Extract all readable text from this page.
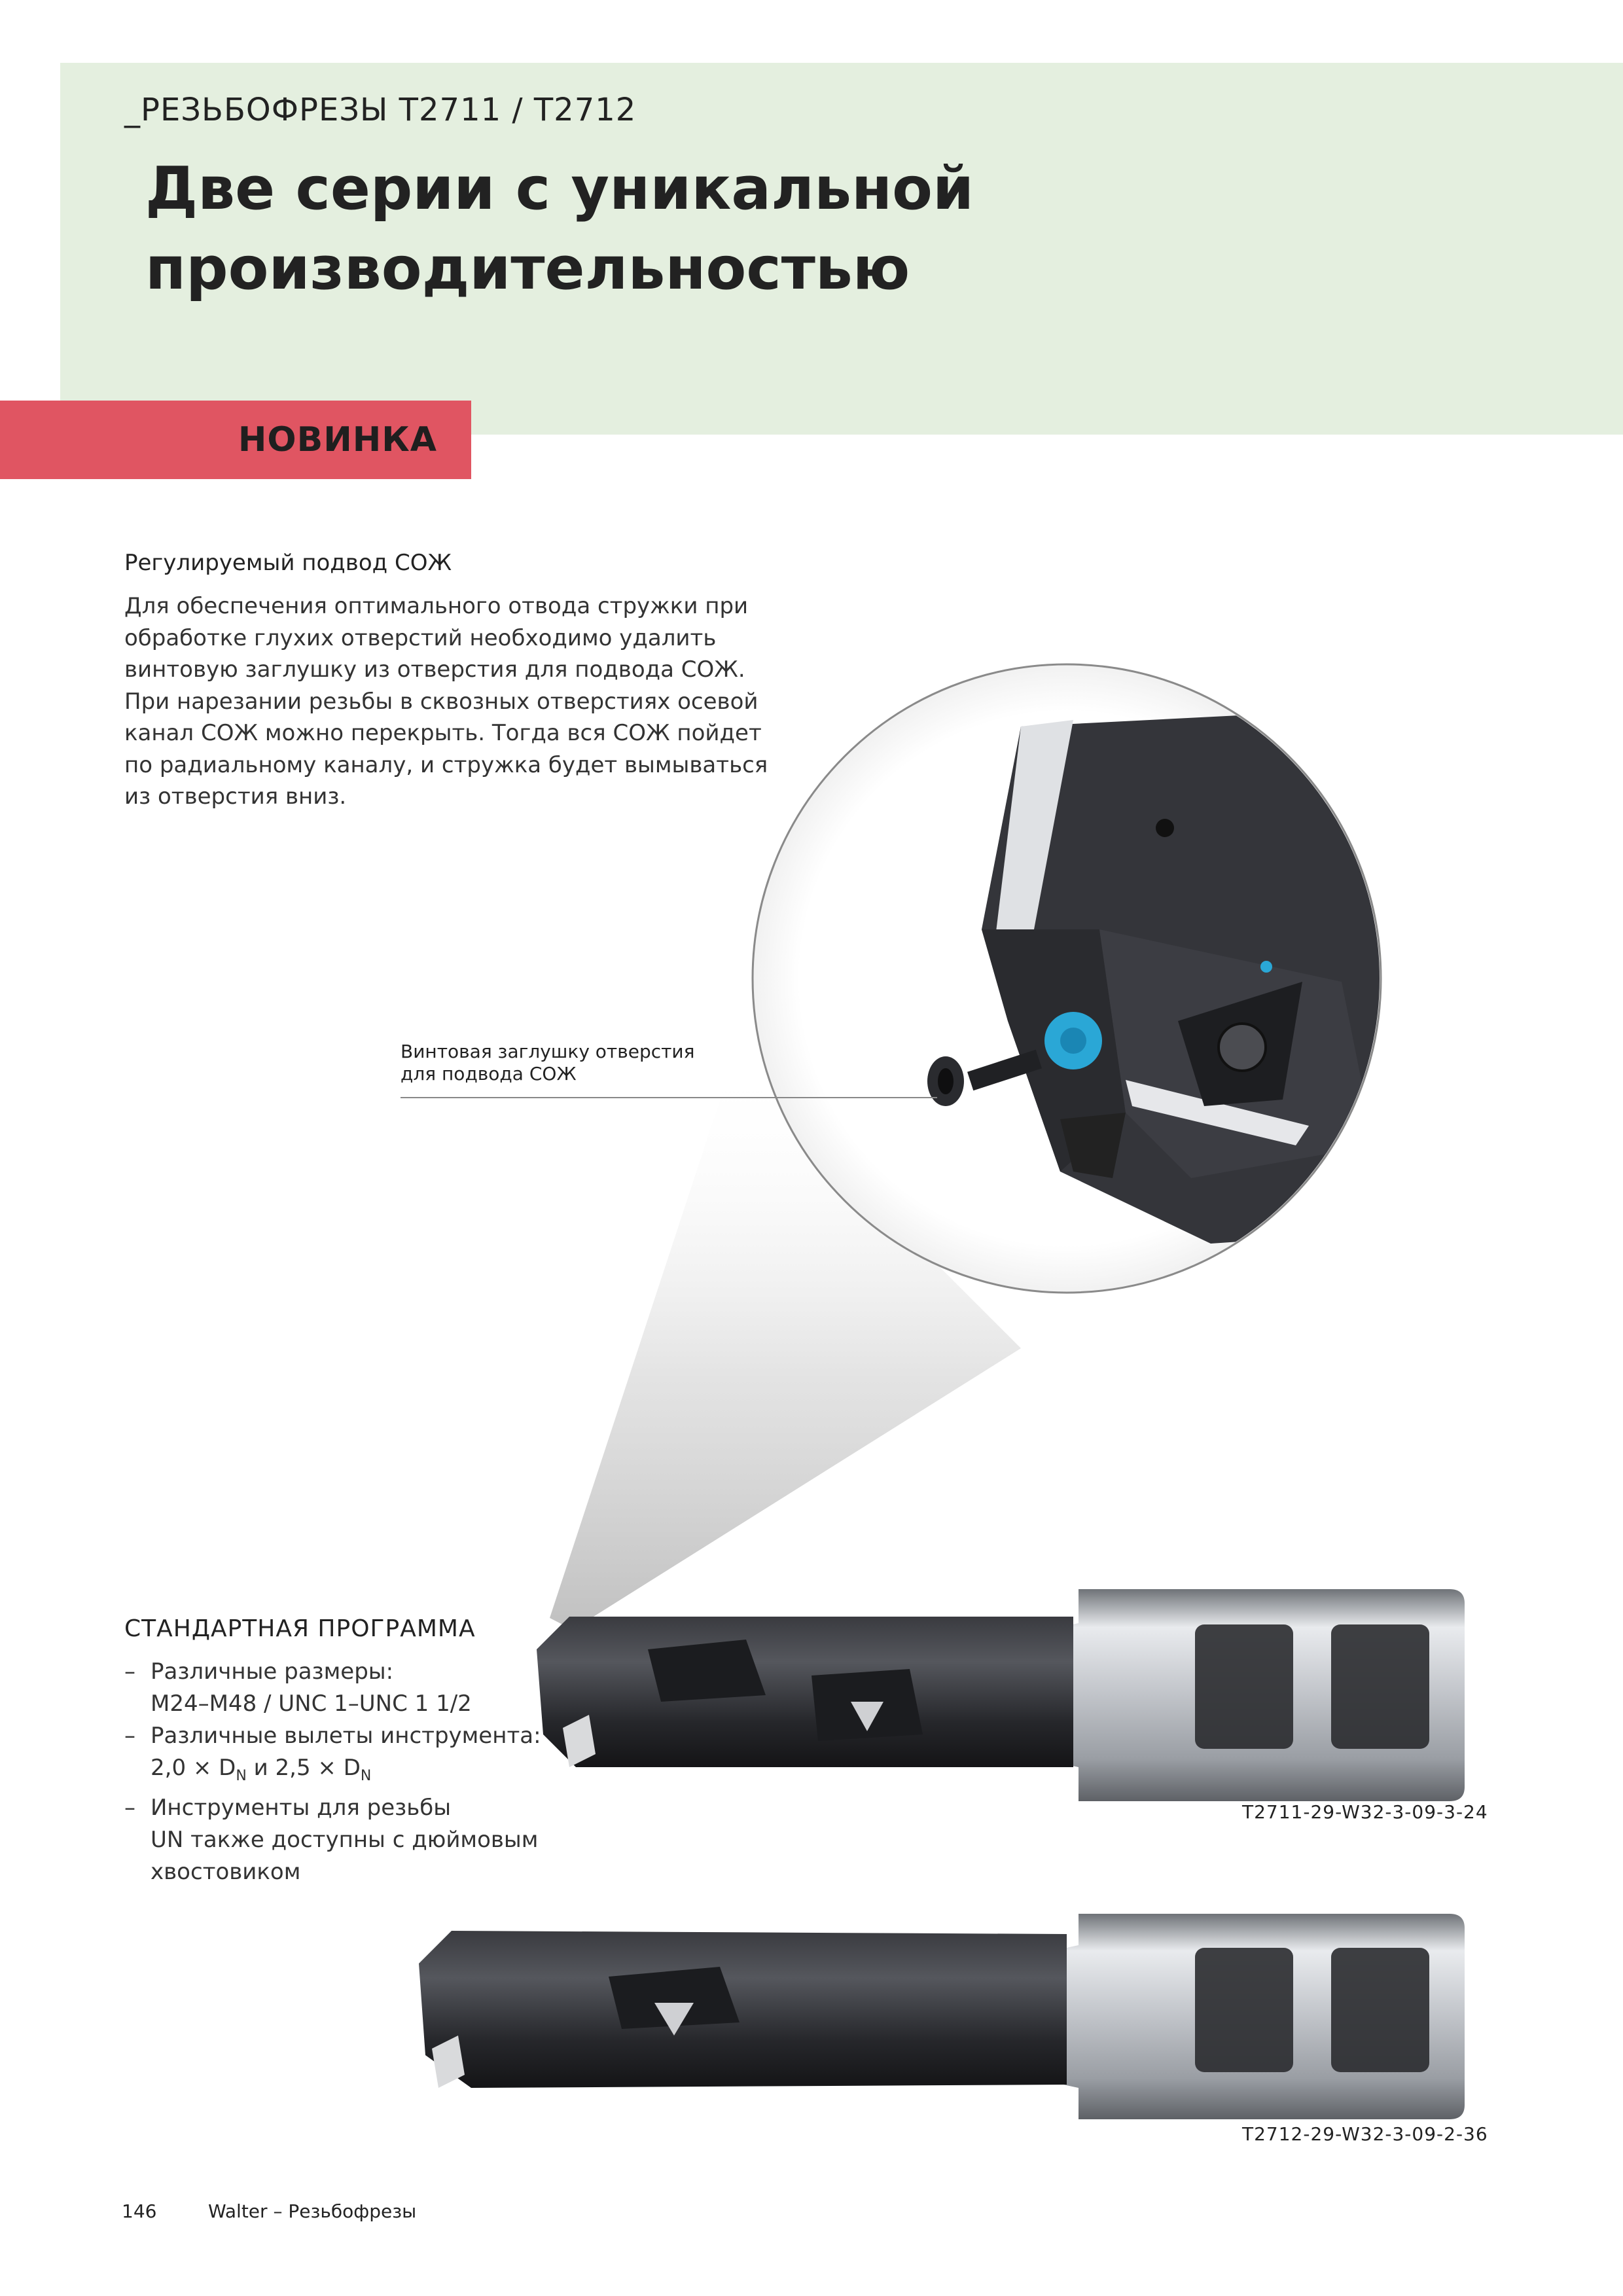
_РЕЗЬБОФРЕЗЫ T2711 / T2712
Две серии с уникальной
производительностью
НОВИНКА
Регулируемый подвод СОЖ
Для обеспечения оптимального отвода стружки при
обработке глухих отверстий необходимо удалить
винтовую заглушку из отверстия для подвода СОЖ.
При нарезании резьбы в сквозных отверстиях осевой
канал СОЖ можно перекрыть. Тогда вся СОЖ пойдет
по радиальному каналу, и стружка будет вымываться
из отверстия вниз.
Винтовая заглушку отверстия
для подвода СОЖ
СТАНДАРТНАЯ ПРОГРАММА
– Различные размеры:
M24–M48 / UNC 1–UNC 1 1/2
– Различные вылеты инструмента:
$2,0 \times D_N$ и $2,5 \times D_N$
– Инструменты для резьбы
UN также доступны с дюймовым
хвостовиком
T2711-29-W32-3-09-3-24
T2712-29-W32-3-09-2-36
146	Walter – Резьбофрезы
